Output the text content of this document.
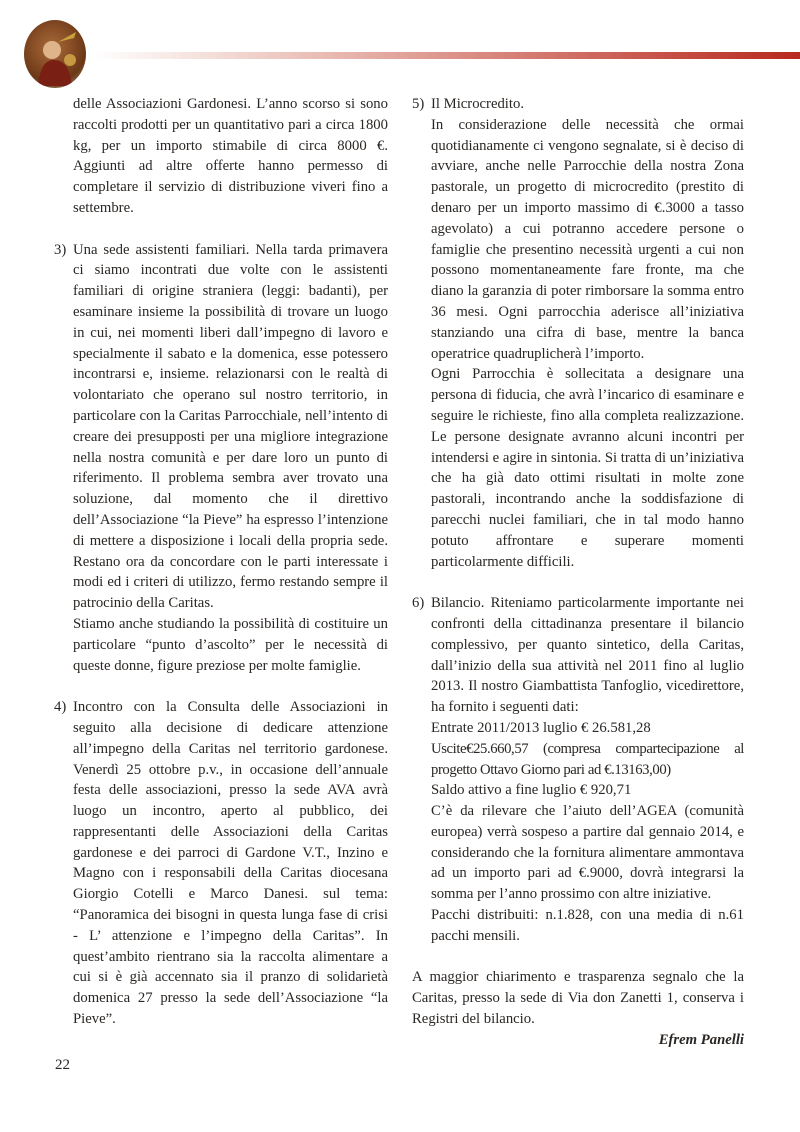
delle Associazioni Gardonesi. L’anno scorso si sono raccolti prodotti per un quantitativo pari a circa 1800 kg, per un importo stimabile di circa 8000 €. Aggiunti ad altre offerte hanno permesso di completare il servizio di distribuzione viveri fino a settembre.

3) Una sede assistenti familiari. Nella tarda primavera ci siamo incontrati due volte con le assistenti familiari di origine straniera (leggi: badanti), per esaminare insieme la possibilità di trovare un luogo in cui, nei momenti liberi dall’impegno di lavoro e specialmente il sabato e la domenica, esse potessero incontrarsi e, insieme. relazionarsi con le realtà di volontariato che operano sul nostro territorio, in particolare con la Caritas Parrocchiale, nell’intento di creare dei presupposti per una migliore integrazione nella nostra comunità e per dare loro un punto di riferimento. Il problema sembra aver trovato una soluzione, dal momento che il direttivo dell’Associazione “la Pieve” ha espresso l’intenzione di mettere a disposizione i locali della propria sede. Restano ora da concordare con le parti interessate i modi ed i criteri di utilizzo, fermo restando sempre il patrocinio della Caritas.

Stiamo anche studiando la possibilità di costituire un particolare “punto d’ascolto” per le necessità di queste donne, figure preziose per molte famiglie.

4) Incontro con la Consulta delle Associazioni in seguito alla decisione di dedicare attenzione all’impegno della Caritas nel territorio gardonese. Venerdì 25 ottobre p.v., in occasione dell’annuale festa delle associazioni, presso la sede AVA avrà luogo un incontro, aperto al pubblico, dei rappresentanti delle Associazioni della Caritas gardonese e dei parroci di Gardone V.T., Inzino e Magno con i responsabili della Caritas diocesana Giorgio Cotelli e Marco Danesi. sul tema: “Panoramica dei bisogni in questa lunga fase di crisi - L’ attenzione e l’impegno della Caritas”. In quest’ambito rientrano sia la raccolta alimentare a cui si è già accennato sia il pranzo di solidarietà domenica 27 presso la sede dell’Associazione “la Pieve”.

5) Il Microcredito.

In considerazione delle necessità che ormai quotidianamente ci vengono segnalate, si è deciso di avviare, anche nelle Parrocchie della nostra Zona pastorale, un progetto di microcredito (prestito di denaro per un importo massimo di €.3000 a tasso agevolato) a cui potranno accedere persone o famiglie che presentino necessità urgenti a cui non possono momentaneamente fare fronte, ma che diano la garanzia di poter rimborsare la somma entro 36 mesi. Ogni parrocchia aderisce all’iniziativa stanziando una cifra di base, mentre la banca operatrice quadruplicherà l’importo.

Ogni Parrocchia è sollecitata a designare una persona di fiducia, che avrà l’incarico di esaminare e seguire le richieste, fino alla completa realizzazione. Le persone designate avranno alcuni incontri per intendersi e agire in sintonia. Si tratta di un’iniziativa che ha già dato ottimi risultati in molte zone pastorali, incontrando anche la soddisfazione di parecchi nuclei familiari, che in tal modo hanno potuto affrontare e superare momenti particolarmente difficili.

6) Bilancio. Riteniamo particolarmente importante nei confronti della cittadinanza presentare il bilancio complessivo, per quanto sintetico, della Caritas, dall’inizio della sua attività nel 2011 fino al luglio 2013. Il nostro Giambattista Tanfoglio, vicedirettore, ha fornito i seguenti dati:

Entrate 2011/2013 luglio € 26.581,28

Uscite€25.660,57 (compresa compartecipazione al progetto Ottavo Giorno pari ad €.13163,00)

Saldo attivo a fine luglio € 920,71

C’è da rilevare che l’aiuto dell’AGEA (comunità europea) verrà sospeso a partire dal gennaio 2014, e considerando che la fornitura alimentare ammontava ad un importo pari ad €.9000, dovrà integrarsi la somma per l’anno prossimo con altre iniziative.

Pacchi distribuiti: n.1.828, con una media di n.61 pacchi mensili.

A maggior chiarimento e trasparenza segnalo che la Caritas, presso la sede di Via don Zanetti 1, conserva i Registri del bilancio.

Efrem Panelli

22
